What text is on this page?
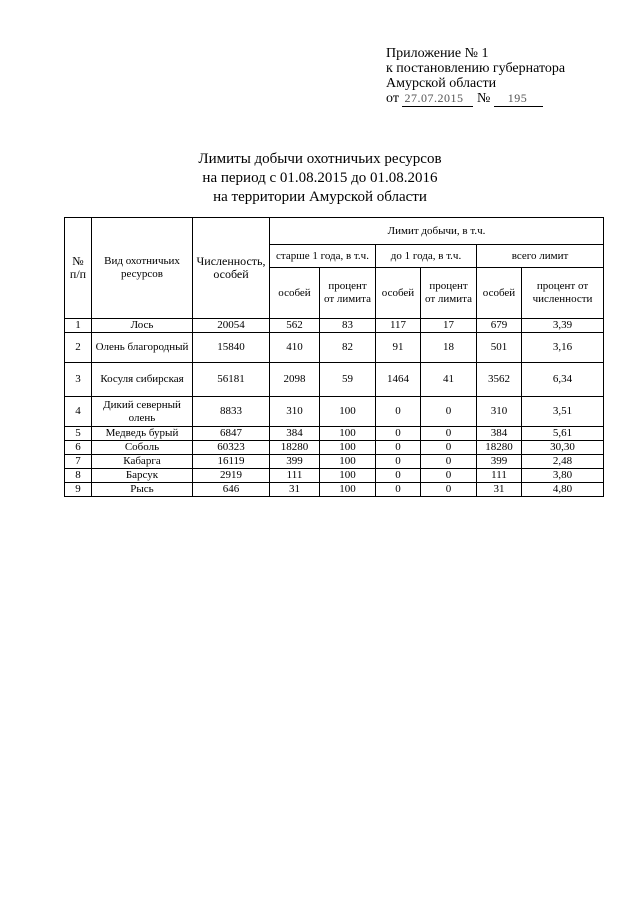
Приложение № 1
к постановлению губернатора
Амурской области
от 27.07.2015 № 195
Лимиты добычи охотничьих ресурсов
на период с 01.08.2015 до 01.08.2016
на территории Амурской области
№ п/п	Вид охотничьих ресурсов	Численность, особей	Лимит добычи, в т.ч.					
			старше 1 года, в т.ч.		до 1 года, в т.ч.		всего лимит	
			особей	процент от лимита	особей	процент от лимита	особей	процент от численности
1	Лось	20054	562	83	117	17	679	3,39
2	Олень благородный	15840	410	82	91	18	501	3,16
3	Косуля сибирская	56181	2098	59	1464	41	3562	6,34
4	Дикий северный олень	8833	310	100	0	0	310	3,51
5	Медведь бурый	6847	384	100	0	0	384	5,61
6	Соболь	60323	18280	100	0	0	18280	30,30
7	Кабарга	16119	399	100	0	0	399	2,48
8	Барсук	2919	111	100	0	0	111	3,80
9	Рысь	646	31	100	0	0	31	4,80
